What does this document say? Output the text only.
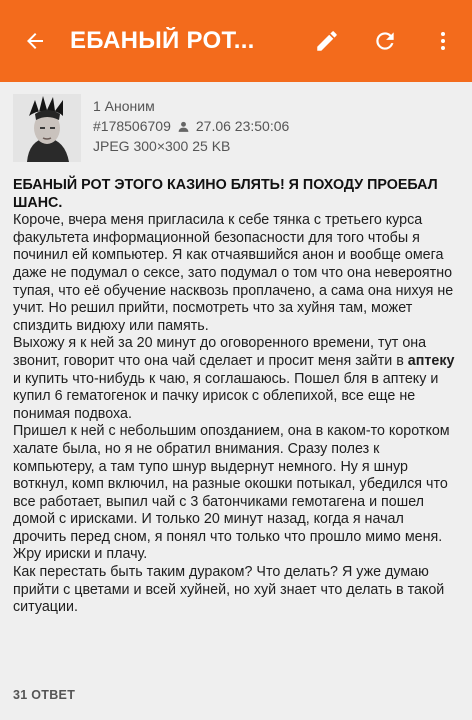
ЕБАНЫЙ РОТ...
1 Аноним
#178506709 27.06 23:50:06
JPEG 300×300 25 KB

ЕБАНЫЙ РОТ ЭТОГО КАЗИНО БЛЯТЬ! Я ПОХОДУ ПРОЕБАЛ ШАНС.

Короче, вчера меня пригласила к себе тянка с третьего курса факультета информационной безопасности для того чтобы я починил ей компьютер. Я как отчаявшийся анон и вообще омега даже не подумал о сексе, зато подумал о том что она невероятно тупая, что её обучение насквозь проплачено, а сама она нихуя не учит. Но решил прийти, посмотреть что за хуйня там, может спиздить видюху или память.

Выхожу я к ней за 20 минут до оговоренного времени, тут она звонит, говорит что она чай сделает и просит меня зайти в аптеку и купить что-нибудь к чаю, я соглашаюсь. Пошел бля в аптеку и купил 6 гематогенок и пачку ирисок с облепихой, все еще не понимая подвоха.

Пришел к ней с небольшим опозданием, она в каком-то коротком халате была, но я не обратил внимания. Сразу полез к компьютеру, а там тупо шнур выдернут немного. Ну я шнур воткнул, комп включил, на разные окошки потыкал, убедился что все работает, выпил чай с 3 батончиками гемотагена и пошел домой с ирисками. И только 20 минут назад, когда я начал дрочить перед сном, я понял что только что прошло мимо меня. Жру ириски и плачу.

Как перестать быть таким дураком? Что делать? Я уже думаю прийти с цветами и всей хуйней, но хуй знает что делать в такой ситуации.

31 ОТВЕТ
